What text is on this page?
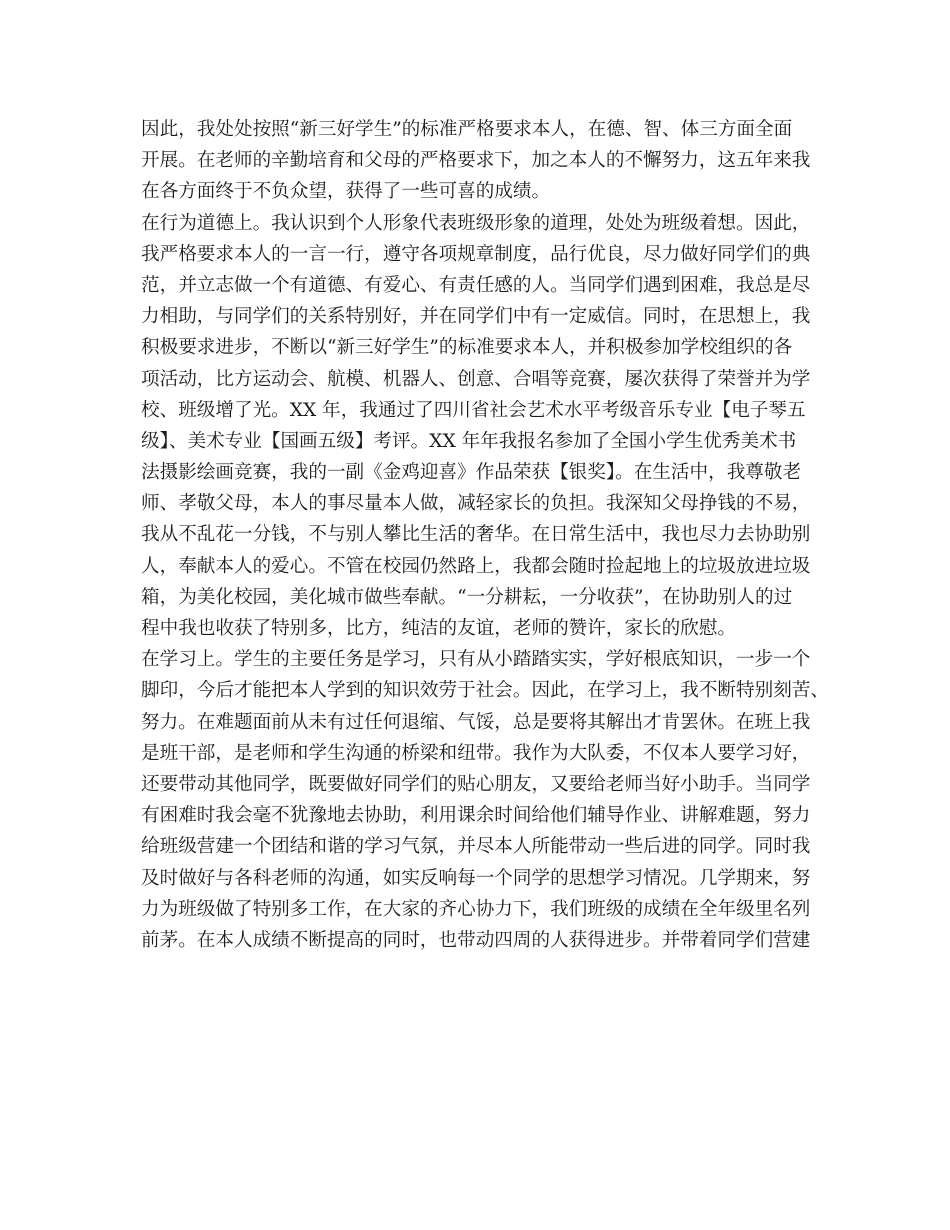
因此，我处处按照“新三好学生”的标准严格要求本人，在德、智、体三方面全面
开展。在老师的辛勤培育和父母的严格要求下，加之本人的不懈努力，这五年来我
在各方面终于不负众望，获得了一些可喜的成绩。
在行为道德上。我认识到个人形象代表班级形象的道理，处处为班级着想。因此，
我严格要求本人的一言一行，遵守各项规章制度，品行优良，尽力做好同学们的典
范，并立志做一个有道德、有爱心、有责任感的人。当同学们遇到困难，我总是尽
力相助，与同学们的关系特别好，并在同学们中有一定威信。同时，在思想上，我
积极要求进步，不断以“新三好学生”的标准要求本人，并积极参加学校组织的各
项活动，比方运动会、航模、机器人、创意、合唱等竞赛，屡次获得了荣誉并为学
校、班级增了光。XX 年，我通过了四川省社会艺术水平考级音乐专业【电子琴五
级】、美术专业【国画五级】考评。XX 年年我报名参加了全国小学生优秀美术书
法摄影绘画竞赛，我的一副《金鸡迎喜》作品荣获【银奖】。在生活中，我尊敬老
师、孝敬父母，本人的事尽量本人做，减轻家长的负担。我深知父母挣钱的不易，
我从不乱花一分钱，不与别人攀比生活的奢华。在日常生活中，我也尽力去协助别
人，奉献本人的爱心。不管在校园仍然路上，我都会随时捡起地上的垃圾放进垃圾
箱，为美化校园，美化城市做些奉献。“一分耕耘，一分收获”，在协助别人的过
程中我也收获了特别多，比方，纯洁的友谊，老师的赞许，家长的欣慰。
在学习上。学生的主要任务是学习，只有从小踏踏实实，学好根底知识，一步一个
脚印，今后才能把本人学到的知识效劳于社会。因此，在学习上，我不断特别刻苦、
努力。在难题面前从未有过任何退缩、气馁，总是要将其解出才肯罢休。在班上我
是班干部，是老师和学生沟通的桥梁和纽带。我作为大队委，不仅本人要学习好，
还要带动其他同学，既要做好同学们的贴心朋友，又要给老师当好小助手。当同学
有困难时我会毫不犹豫地去协助，利用课余时间给他们辅导作业、讲解难题，努力
给班级营建一个团结和谐的学习气氛，并尽本人所能带动一些后进的同学。同时我
及时做好与各科老师的沟通，如实反响每一个同学的思想学习情况。几学期来，努
力为班级做了特别多工作，在大家的齐心协力下，我们班级的成绩在全年级里名列
前茅。在本人成绩不断提高的同时，也带动四周的人获得进步。并带着同学们营建
